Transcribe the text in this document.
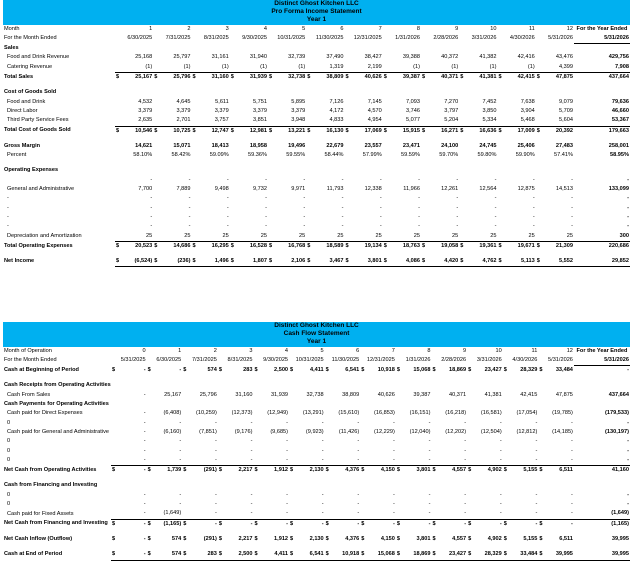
Distinct Ghost Kitchen LLC
Pro Forma Income Statement
Year 1
Month	1	2	3	4	5	6	7	8	9	10	11	12	For the Year Ended
For the Month Ended	6/30/2025	7/31/2025	8/31/2025	9/30/2025	10/31/2025	11/30/2025	12/31/2025	1/31/2026	2/28/2026	3/31/2026	4/30/2026	5/31/2026	5/31/2026
Sales													
Food and Drink Revenue	25,168	25,797	31,161	31,940	32,739	37,490	38,427	39,388	40,372	41,382	42,416	43,476	429,756
Catering Revenue	(1)	(1)	(1)	(1)	(1)	1,319	2,199	(1)	(1)	(1)	(1)	4,399	7,908
Total Sales	$ 25,167	$ 25,796	$ 31,160	$ 31,939	$ 32,738	$ 38,809	$ 40,626	$ 39,387	$ 40,371	$ 41,381	$ 42,415	$ 47,875	437,664

Cost of Goods Sold													
Food and Drink	4,532	4,645	5,611	5,751	5,895	7,126	7,145	7,093	7,270	7,452	7,638	9,079	79,636
Direct Labor	3,379	3,379	3,379	3,379	3,379	4,172	4,570	3,746	3,797	3,850	3,904	5,709	46,660
Third Party Service Fees	2,635	2,701	3,757	3,851	3,948	4,833	4,954	5,077	5,204	5,334	5,468	5,604	53,367
Total Cost of Goods Sold	$ 10,546	$ 10,725	$ 12,747	$ 12,981	$ 13,221	$ 16,130	$ 17,069	$ 15,915	$ 16,271	$ 16,636	$ 17,009	$ 20,392	179,663

Gross Margin	14,621	15,071	18,413	18,958	19,496	22,679	23,557	23,471	24,100	24,745	25,406	27,483	258,001
Percent	58.10%	58.42%	59.09%	59.36%	59.55%	58.44%	57.99%	59.59%	59.70%	59.80%	59.90%	57.41%	58.95%

Operating Expenses													
	-	-	-	-	-	-	-	-	-	-	-	-	-
General and Administrative	7,700	7,889	9,498	9,732	9,971	11,793	12,338	11,966	12,261	12,564	12,875	14,513	133,099
-	-	-	-	-	-	-	-	-	-	-	-	-	-
-	-	-	-	-	-	-	-	-	-	-	-	-	-
-	-	-	-	-	-	-	-	-	-	-	-	-	-
-	-	-	-	-	-	-	-	-	-	-	-	-	-
Depreciation and Amortization	25	25	25	25	25	25	25	25	25	25	25	25	300
Total Operating Expenses	$ 20,523	$ 14,686	$ 16,295	$ 16,528	$ 16,768	$ 18,589	$ 19,134	$ 18,763	$ 19,058	$ 19,361	$ 19,671	$ 21,309	220,686

Net Income	$ (6,524)	$ (236)	$ 1,496	$ 1,807	$ 2,106	$ 3,467	$ 3,801	$ 4,086	$ 4,420	$ 4,762	$ 5,113	$ 5,552	29,852
Distinct Ghost Kitchen LLC
Cash Flow Statement
Year 1
Month of Operation	0	1	2	3	4	5	6	7	8	9	10	11	12	For the Year Ended
For the Month Ended	5/31/2025	6/30/2025	7/31/2025	8/31/2025	9/30/2025	10/31/2025	11/30/2025	12/31/2025	1/31/2026	2/28/2026	3/31/2026	4/30/2026	5/31/2026	5/31/2026
Cash at Beginning of Period	$ -	$ -	$ 574	$ 283	$ 2,500	$ 4,411	$ 6,541	$ 10,918	$ 15,068	$ 18,869	$ 23,427	$ 28,329	$ 33,484	-

Cash Receipts from Operating Activities														
Cash From Sales	-	25,167	25,796	31,160	31,939	32,738	38,809	40,626	39,387	40,371	41,381	42,415	47,875	437,664
Cash Payments for Operating Activities														
Cash paid for Direct Expenses	-	(6,408)	(10,259)	(12,373)	(12,949)	(13,291)	(15,610)	(16,853)	(16,151)	(16,218)	(16,581)	(17,054)	(19,785)	(179,533)
0	-	-	-	-	-	-	-	-	-	-	-	-	-	-
Cash paid for General and Administrative	-	(6,160)	(7,851)	(9,176)	(9,685)	(9,923)	(11,426)	(12,229)	(12,040)	(12,202)	(12,504)	(12,812)	(14,185)	(130,197)
0	-	-	-	-	-	-	-	-	-	-	-	-	-	-
0	-	-	-	-	-	-	-	-	-	-	-	-	-	-
0	-	-	-	-	-	-	-	-	-	-	-	-	-	-
Net Cash from Operating Activities	$ -	$ 1,739	$ (291)	$ 2,217	$ 1,912	$ 2,130	$ 4,376	$ 4,150	$ 3,801	$ 4,557	$ 4,902	$ 5,155	$ 6,511	41,160

Cash from Financing and Investing														
0	-	-	-	-	-	-	-	-	-	-	-	-	-	-
0	-	-	-	-	-	-	-	-	-	-	-	-	-	-
Cash paid for Fixed Assets	-	(1,649)	-	-	-	-	-	-	-	-	-	-	-	(1,649)
Net Cash from Financing and Investing	$ -	$ (1,165)	$ -	$ -	$ -	$ -	$ -	$ -	$ -	$ -	$ -	$ -	$ -	(1,165)

Net Cash Inflow (Outflow)	$ -	$ 574	$ (291)	$ 2,217	$ 1,912	$ 2,130	$ 4,376	$ 4,150	$ 3,801	$ 4,557	$ 4,902	$ 5,155	$ 6,511	39,995

Cash at End of Period	$ -	$ 574	$ 283	$ 2,500	$ 4,411	$ 6,541	$ 10,918	$ 15,068	$ 18,869	$ 23,427	$ 28,329	$ 33,484	$ 39,995	39,995
